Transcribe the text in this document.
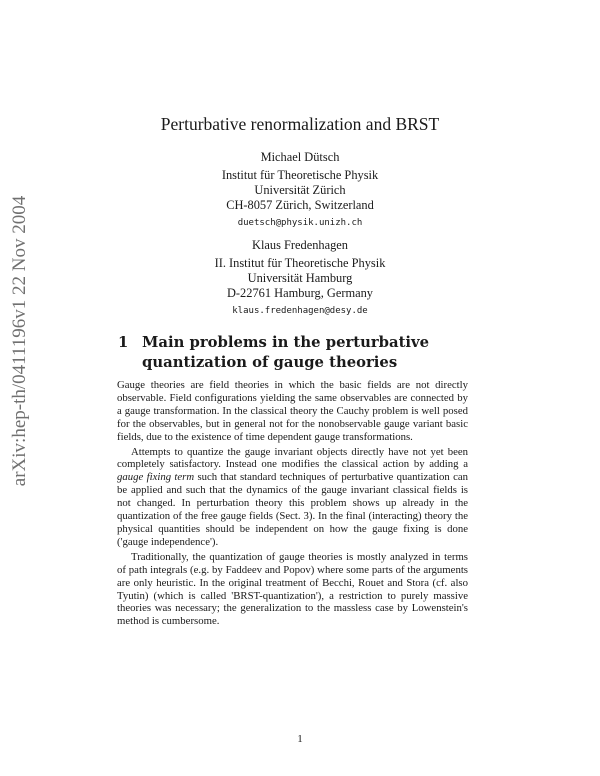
arXiv:hep-th/0411196v1 22 Nov 2004
Perturbative renormalization and BRST
Michael Dütsch
Institut für Theoretische Physik
Universität Zürich
CH-8057 Zürich, Switzerland
duetsch@physik.unizh.ch
Klaus Fredenhagen
II. Institut für Theoretische Physik
Universität Hamburg
D-22761 Hamburg, Germany
klaus.fredenhagen@desy.de
1 Main problems in the perturbative quantization of gauge theories

Gauge theories are field theories in which the basic fields are not directly observable. Field configurations yielding the same observables are connected by a gauge transformation. In the classical theory the Cauchy problem is well posed for the observables, but in general not for the nonobservable gauge variant basic fields, due to the existence of time dependent gauge transformations.

Attempts to quantize the gauge invariant objects directly have not yet been completely satisfactory. Instead one modifies the classical action by adding a gauge fixing term such that standard techniques of perturbative quantization can be applied and such that the dynamics of the gauge invariant classical fields is not changed. In perturbation theory this problem shows up already in the quantization of the free gauge fields (Sect. 3). In the final (interacting) theory the physical quantities should be independent on how the gauge fixing is done ('gauge independence').

Traditionally, the quantization of gauge theories is mostly analyzed in terms of path integrals (e.g. by Faddeev and Popov) where some parts of the arguments are only heuristic. In the original treatment of Becchi, Rouet and Stora (cf. also Tyutin) (which is called 'BRST-quantization'), a restriction to purely massive theories was necessary; the generalization to the massless case by Lowenstein's method is cumbersome.

1
